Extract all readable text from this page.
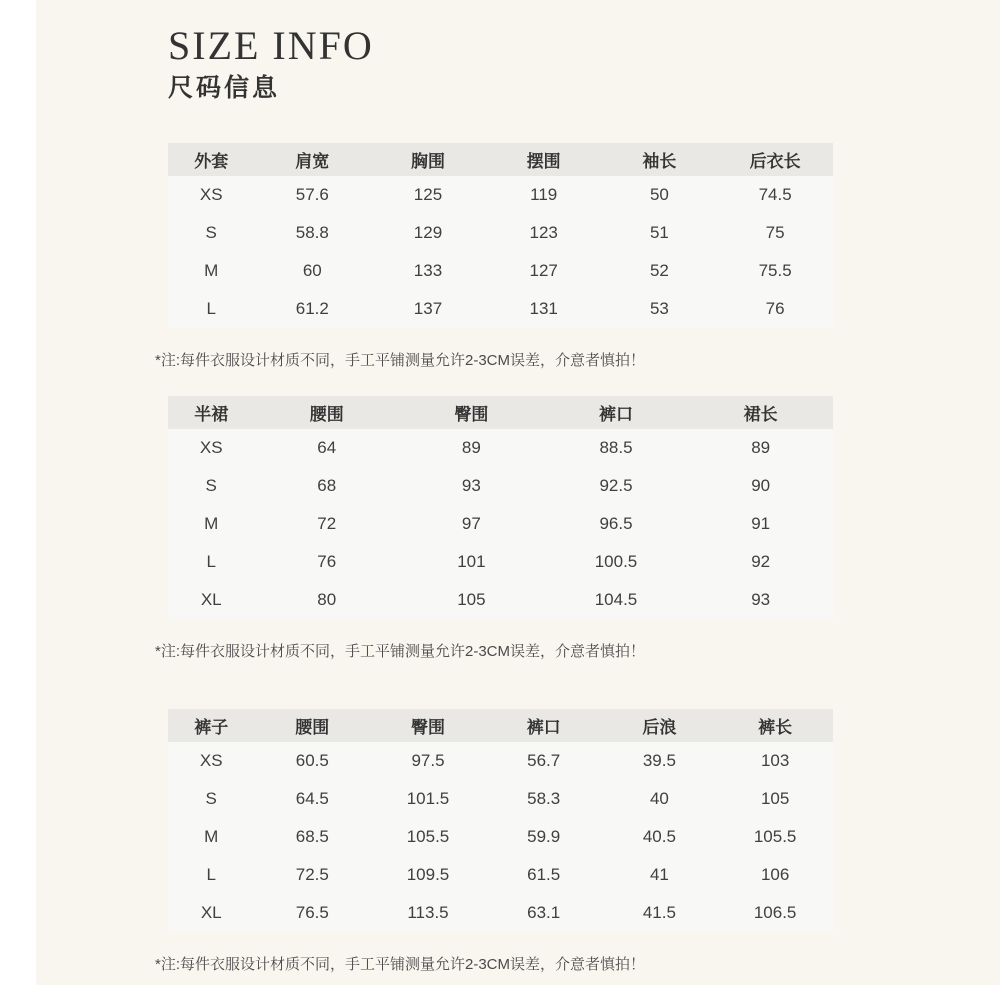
SIZE INFO
尺码信息
外套	肩宽	胸围	摆围	袖长	后衣长
XS	57.6	125	119	50	74.5
S	58.8	129	123	51	75
M	60	133	127	52	75.5
L	61.2	137	131	53	76

*注:每件衣服设计材质不同，手工平铺测量允许2-3CM误差，介意者慎拍！

半裙	腰围	臀围	裤口	裙长
XS	64	89	88.5	89
S	68	93	92.5	90
M	72	97	96.5	91
L	76	101	100.5	92
XL	80	105	104.5	93

*注:每件衣服设计材质不同，手工平铺测量允许2-3CM误差，介意者慎拍！

裤子	腰围	臀围	裤口	后浪	裤长
XS	60.5	97.5	56.7	39.5	103
S	64.5	101.5	58.3	40	105
M	68.5	105.5	59.9	40.5	105.5
L	72.5	109.5	61.5	41	106
XL	76.5	113.5	63.1	41.5	106.5

*注:每件衣服设计材质不同，手工平铺测量允许2-3CM误差，介意者慎拍！
